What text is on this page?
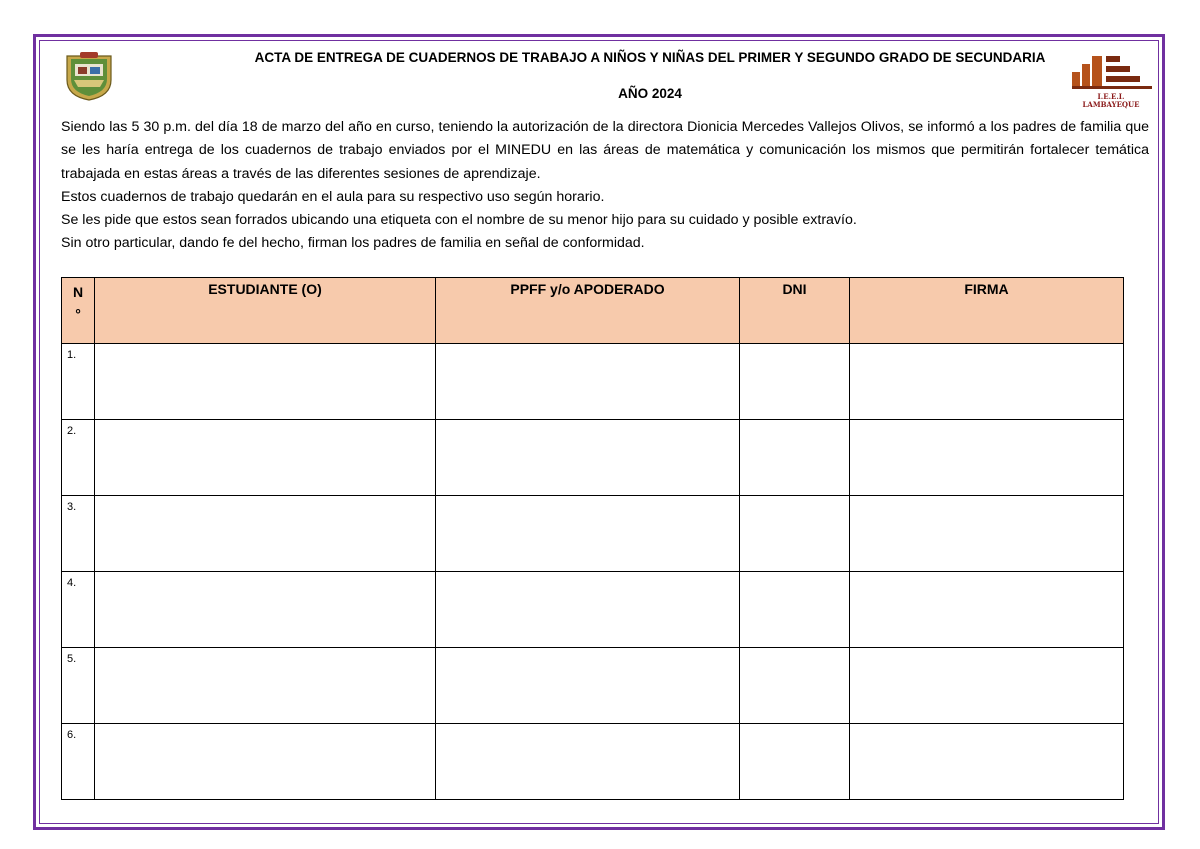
I.E.E.I. LAMBAYEQUE
ACTA DE ENTREGA DE CUADERNOS DE TRABAJO A NIÑOS Y NIÑAS DEL PRIMER Y SEGUNDO GRADO DE SECUNDARIA
AÑO 2024

Siendo las 5 30 p.m. del día 18 de marzo del año en curso, teniendo la autorización de la directora Dionicia Mercedes Vallejos Olivos, se informó a los padres de familia que se les haría entrega de los cuadernos de trabajo enviados por el MINEDU en las áreas de matemática y comunicación los mismos que permitirán fortalecer temática trabajada en estas áreas a través de las diferentes sesiones de aprendizaje.

Estos cuadernos de trabajo quedarán en el aula para su respectivo uso según horario.

Se les pide que estos sean forrados ubicando una etiqueta con el nombre de su menor hijo para su cuidado y posible extravío.

Sin otro particular, dando fe del hecho, firman los padres de familia en señal de conformidad.

N
°	ESTUDIANTE (O)	PPFF y/o APODERADO	DNI	FIRMA

1.				

2.				

3.				

4.				

5.				

6.				
